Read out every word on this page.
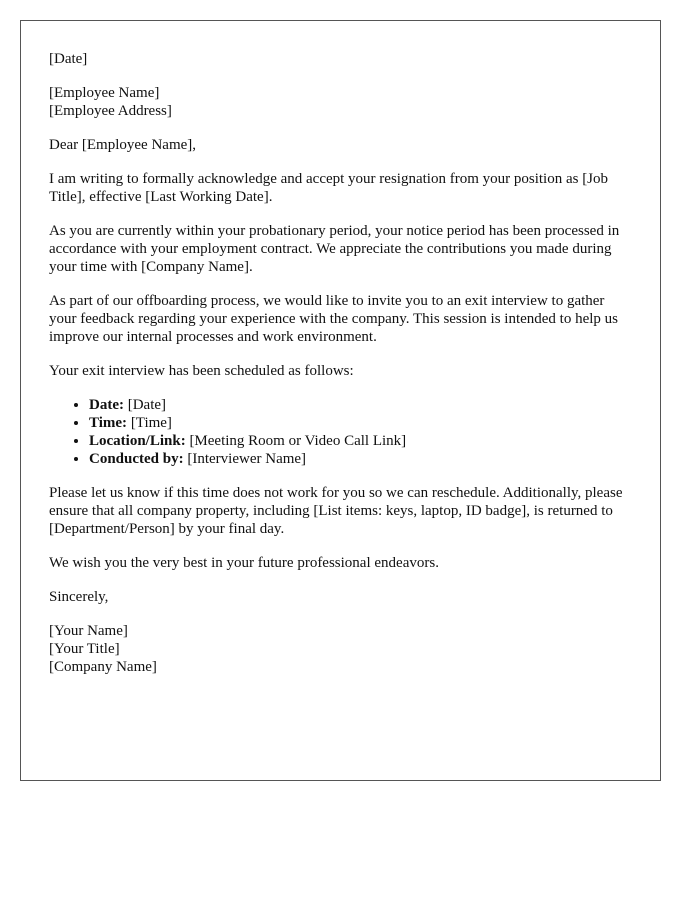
[Date]

[Employee Name]
[Employee Address]

Dear [Employee Name],

I am writing to formally acknowledge and accept your resignation from your position as [Job Title], effective [Last Working Date].

As you are currently within your probationary period, your notice period has been processed in accordance with your employment contract. We appreciate the contributions you made during your time with [Company Name].

As part of our offboarding process, we would like to invite you to an exit interview to gather your feedback regarding your experience with the company. This session is intended to help us improve our internal processes and work environment.

Your exit interview has been scheduled as follows:

• Date: [Date]
• Time: [Time]
• Location/Link: [Meeting Room or Video Call Link]
• Conducted by: [Interviewer Name]

Please let us know if this time does not work for you so we can reschedule. Additionally, please ensure that all company property, including [List items: keys, laptop, ID badge], is returned to [Department/Person] by your final day.

We wish you the very best in your future professional endeavors.

Sincerely,

[Your Name]
[Your Title]
[Company Name]
